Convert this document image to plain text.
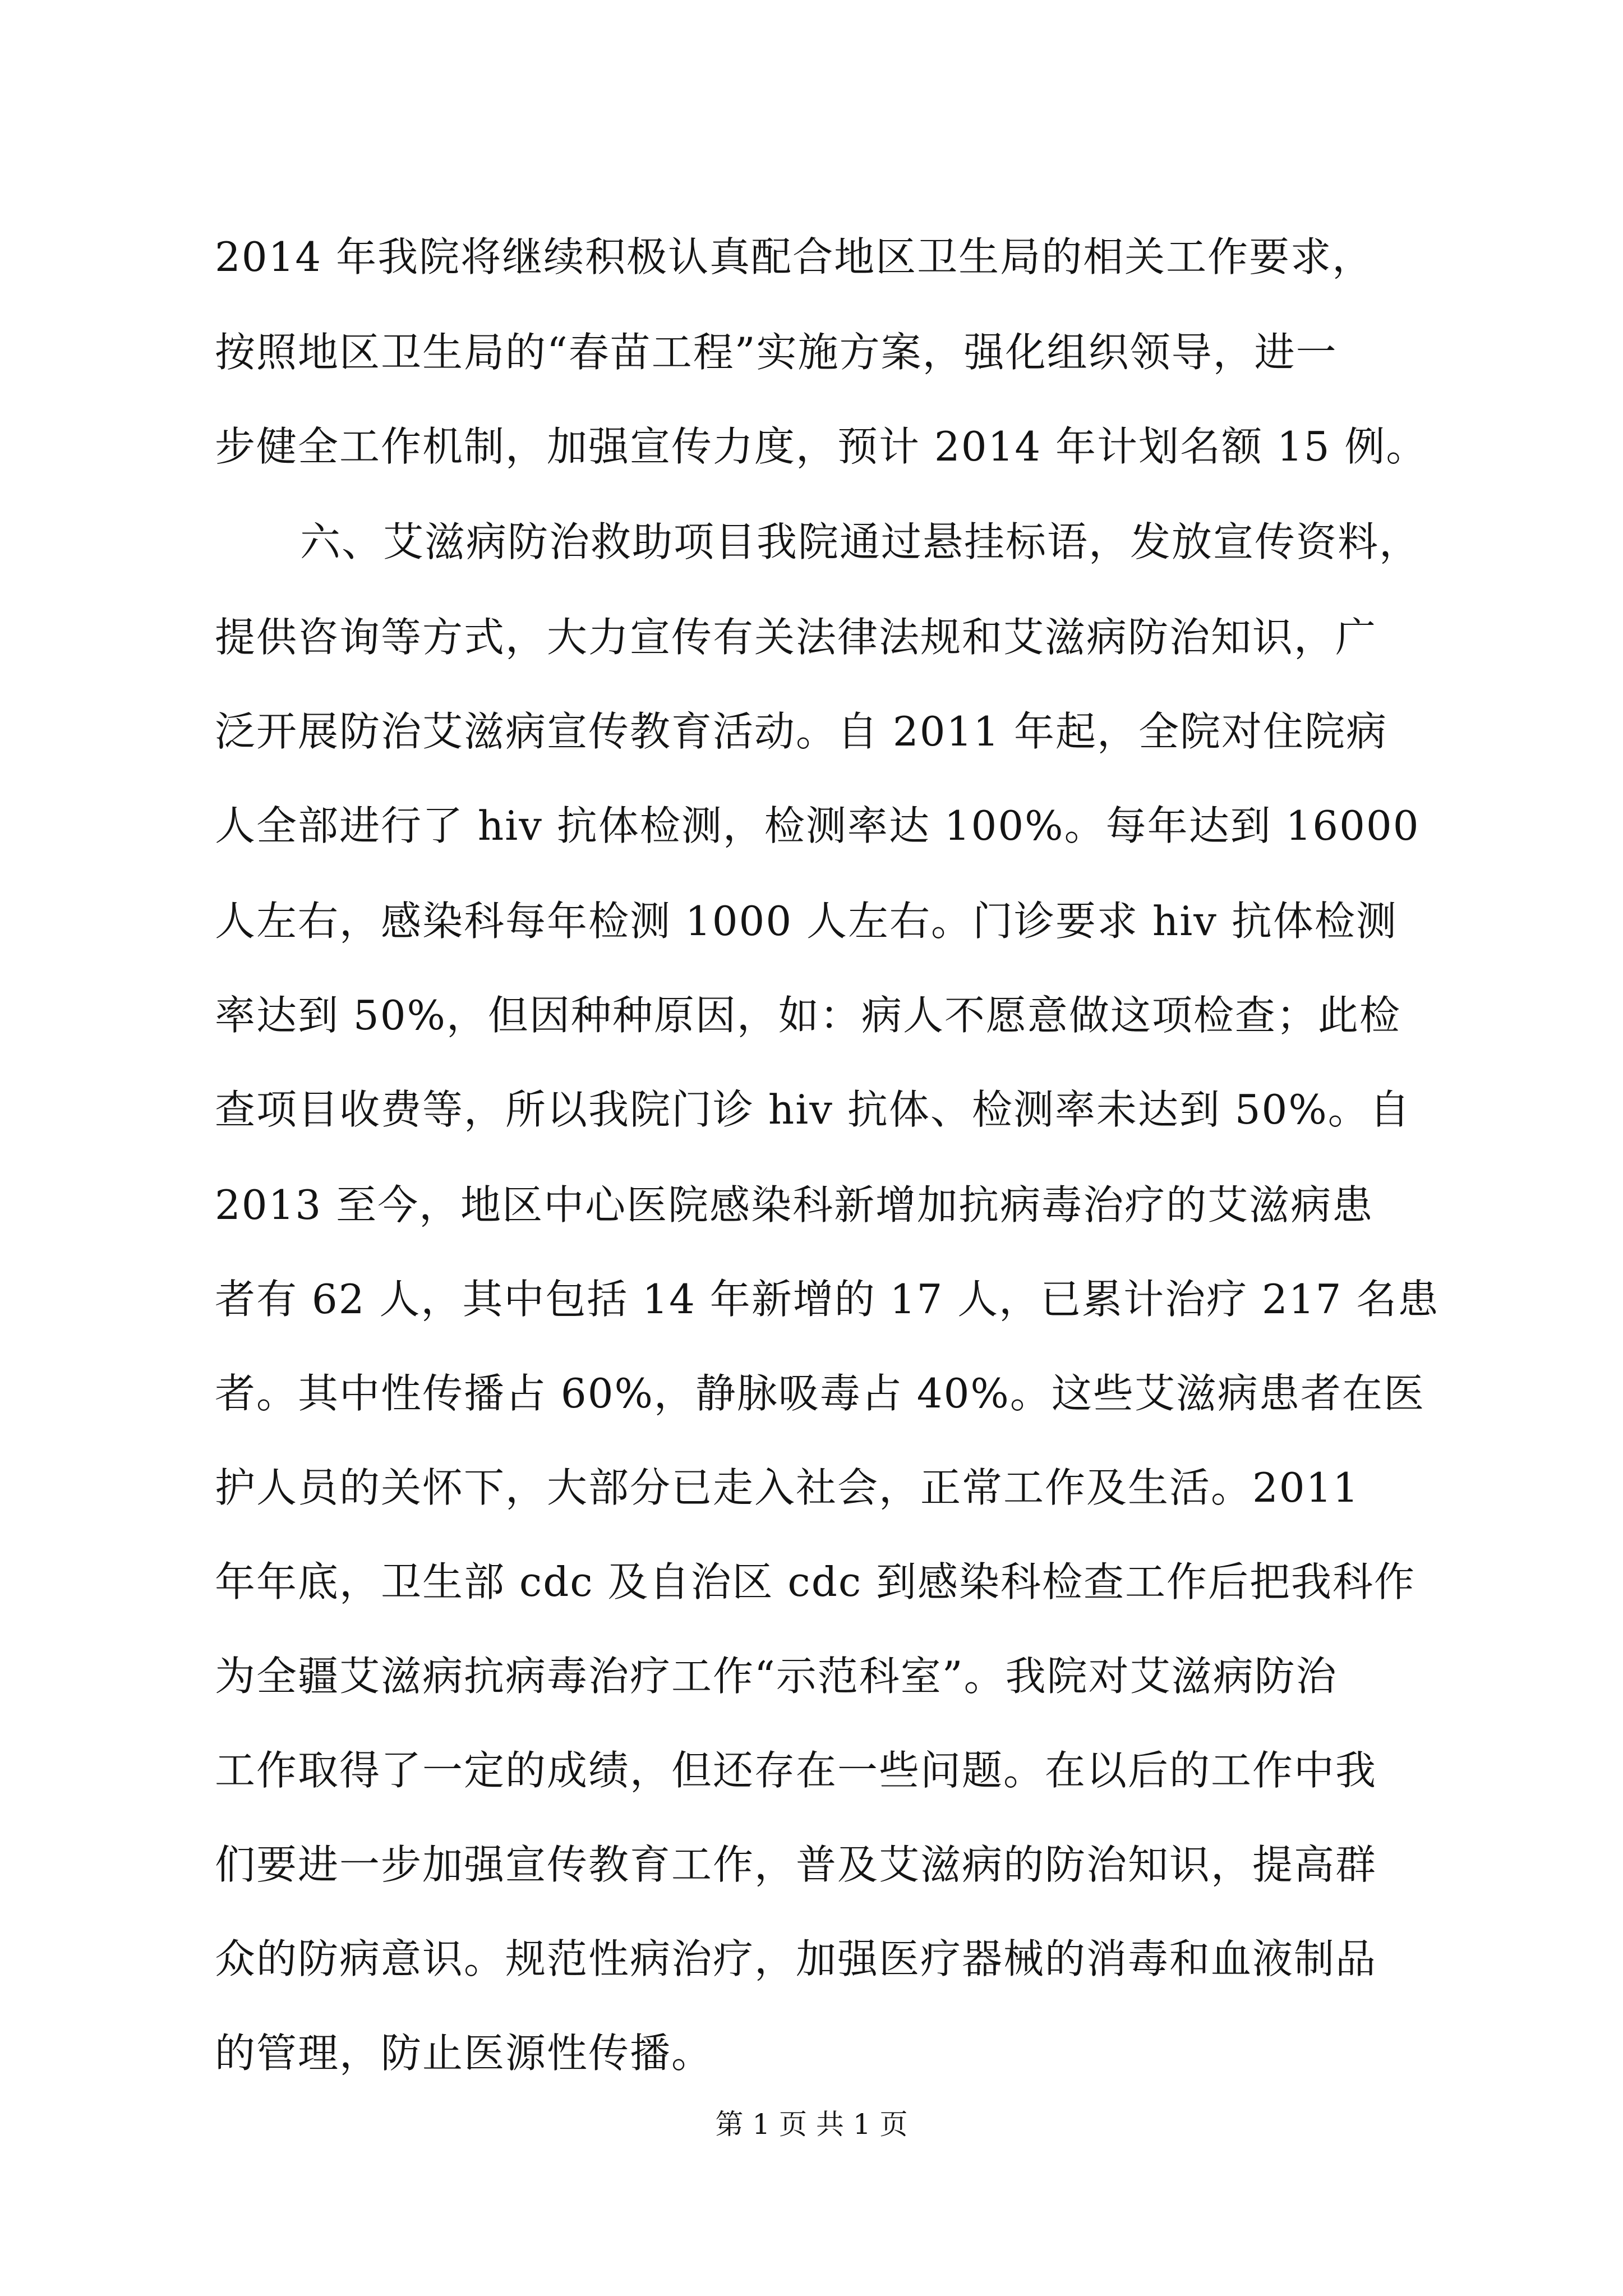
2014 年我院将继续积极认真配合地区卫生局的相关工作要求，

按照地区卫生局的“春苗工程”实施方案，强化组织领导，进一

步健全工作机制，加强宣传力度，预计 2014 年计划名额 15 例。

六、艾滋病防治救助项目我院通过悬挂标语，发放宣传资料，

提供咨询等方式，大力宣传有关法律法规和艾滋病防治知识，广

泛开展防治艾滋病宣传教育活动。自 2011 年起，全院对住院病

人全部进行了 hiv 抗体检测，检测率达 100%。每年达到 16000

人左右，感染科每年检测 1000 人左右。门诊要求 hiv 抗体检测

率达到 50%，但因种种原因，如：病人不愿意做这项检查；此检

查项目收费等，所以我院门诊 hiv 抗体、检测率未达到 50%。自

2013 至今，地区中心医院感染科新增加抗病毒治疗的艾滋病患

者有 62 人，其中包括 14 年新增的 17 人，已累计治疗 217 名患

者。其中性传播占 60%，静脉吸毒占 40%。这些艾滋病患者在医

护人员的关怀下，大部分已走入社会，正常工作及生活。2011

年年底，卫生部 cdc 及自治区 cdc 到感染科检查工作后把我科作

为全疆艾滋病抗病毒治疗工作“示范科室”。我院对艾滋病防治

工作取得了一定的成绩，但还存在一些问题。在以后的工作中我

们要进一步加强宣传教育工作，普及艾滋病的防治知识，提高群

众的防病意识。规范性病治疗，加强医疗器械的消毒和血液制品

的管理，防止医源性传播。

第 1 页 共 1 页
